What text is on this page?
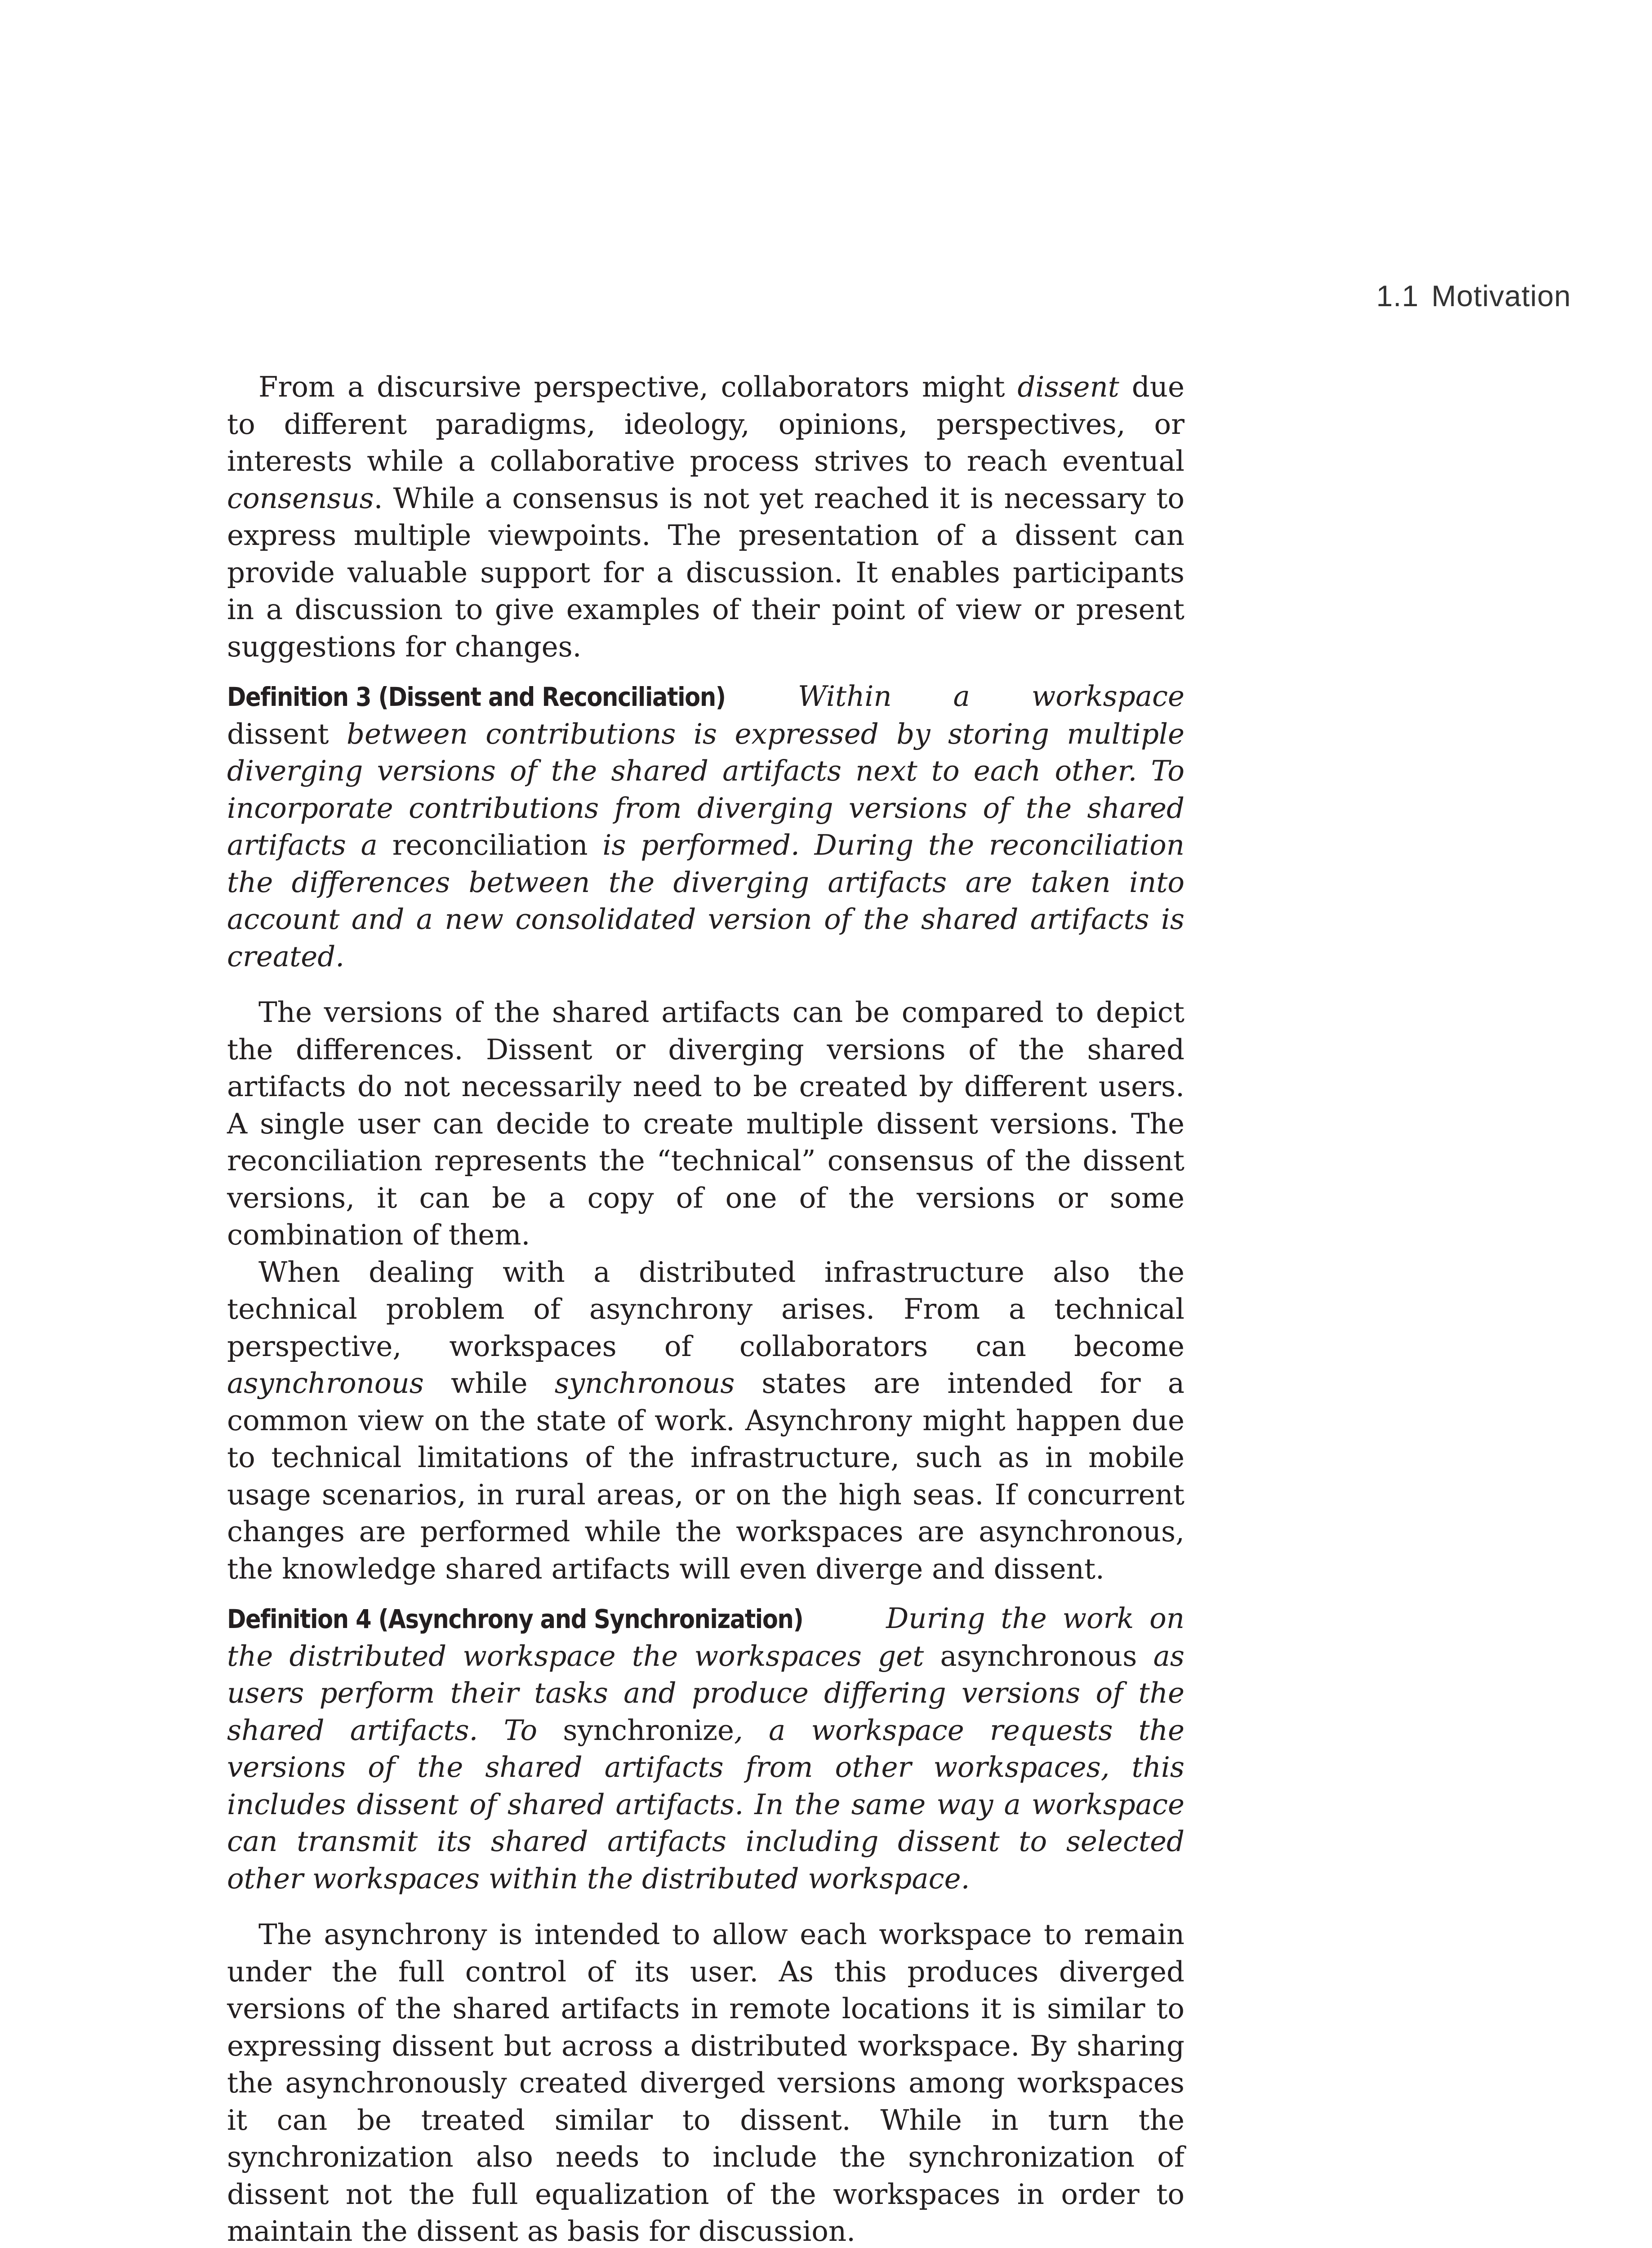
1.1 Motivation

From a discursive perspective, collaborators might dissent due to different paradigms, ideology, opinions, perspectives, or interests while a collaborative process strives to reach eventual consensus. While a consensus is not yet reached it is necessary to express multiple viewpoints. The presentation of a dissent can provide valuable support for a discussion. It enables participants in a discussion to give examples of their point of view or present suggestions for changes.

Definition 3 (Dissent and Reconciliation)	Within a workspace dissent between contributions is expressed by storing multiple diverging versions of the shared artifacts next to each other. To incorporate contributions from diverging versions of the shared artifacts a reconciliation is performed. During the reconciliation the differences between the diverging artifacts are taken into account and a new consolidated version of the shared artifacts is created.

The versions of the shared artifacts can be compared to depict the differences. Dissent or diverging versions of the shared artifacts do not necessarily need to be created by different users. A single user can decide to create multiple dissent versions. The reconciliation represents the “technical” consensus of the dissent versions, it can be a copy of one of the versions or some combination of them.

When dealing with a distributed infrastructure also the technical problem of asynchrony arises. From a technical perspective, workspaces of collaborators can become asynchronous while synchronous states are intended for a common view on the state of work. Asynchrony might happen due to technical limitations of the infrastructure, such as in mobile usage scenarios, in rural areas, or on the high seas. If concurrent changes are performed while the workspaces are asynchronous, the knowledge shared artifacts will even diverge and dissent.

Definition 4 (Asynchrony and Synchronization)	During the work on the distributed workspace the workspaces get asynchronous as users perform their tasks and produce differing versions of the shared artifacts. To synchronize, a workspace requests the versions of the shared artifacts from other workspaces, this includes dissent of shared artifacts. In the same way a workspace can transmit its shared artifacts including dissent to selected other workspaces within the distributed workspace.

The asynchrony is intended to allow each workspace to remain under the full control of its user. As this produces diverged versions of the shared artifacts in remote locations it is similar to expressing dissent but across a distributed workspace. By sharing the asynchronously created diverged versions among workspaces it can be treated similar to dissent. While in turn the synchronization also needs to include the synchronization of dissent not the full equalization of the workspaces in order to maintain the dissent as basis for discussion.
